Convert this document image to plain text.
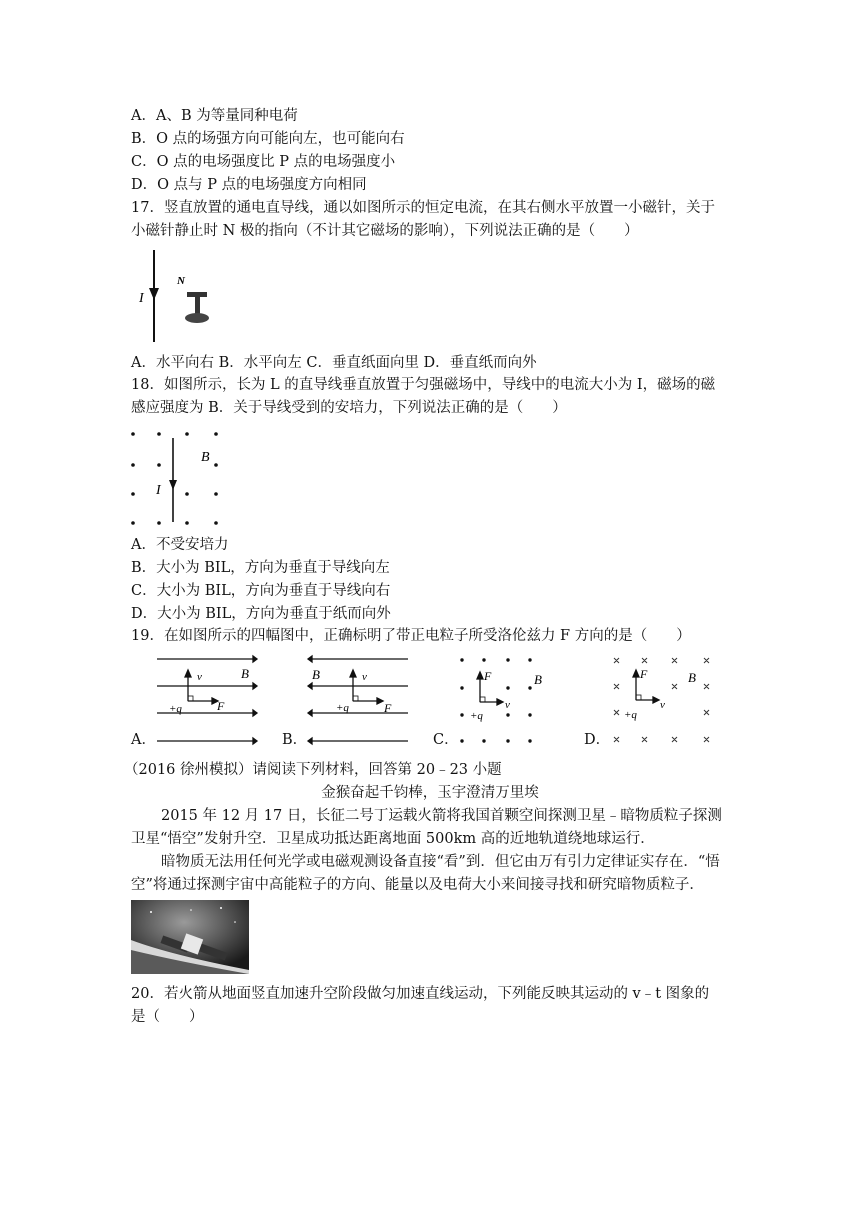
A．A、B 为等量同种电荷
B．O 点的场强方向可能向左，也可能向右
C．O 点的电场强度比 P 点的电场强度小
D．O 点与 P 点的电场强度方向相同
17．竖直放置的通电直导线，通以如图所示的恒定电流，在其右侧水平放置一小磁针，关于
小磁针静止时 N 极的指向（不计其它磁场的影响），下列说法正确的是（　　）
I
N
A．水平向右 B．水平向左 C．垂直纸面向里 D．垂直纸而向外
18．如图所示，长为 L 的直导线垂直放置于匀强磁场中，导线中的电流大小为 I，磁场的磁
感应强度为 B．关于导线受到的安培力，下列说法正确的是（　　）
I
B
A．不受安培力
B．大小为 BIL，方向为垂直于导线向左
C．大小为 BIL，方向为垂直于导线向右
D．大小为 BIL，方向为垂直于纸而向外
19．在如图所示的四幅图中，正确标明了带正电粒子所受洛伦兹力 F 方向的是（　　）
v	B
F
+q
A．
v
B
F
+q
B．
F	B
v
+q
C．
F	B
v
+q
D．
（2016 徐州模拟）请阅读下列材料，回答第 20﹣23 小题
金猴奋起千钧棒，玉宇澄清万里埃
2015 年 12 月 17 日，长征二号丁运载火箭将我国首颗空间探测卫星﹣暗物质粒子探测
卫星“悟空”发射升空．卫星成功抵达距离地面 500km 高的近地轨道绕地球运行．
暗物质无法用任何光学或电磁观测设备直接“看”到．但它由万有引力定律证实存在．“悟
空”将通过探测宇宙中高能粒子的方向、能量以及电荷大小来间接寻找和研究暗物质粒子．
20．若火箭从地面竖直加速升空阶段做匀加速直线运动，下列能反映其运动的 v﹣t 图象的
是（　　）
